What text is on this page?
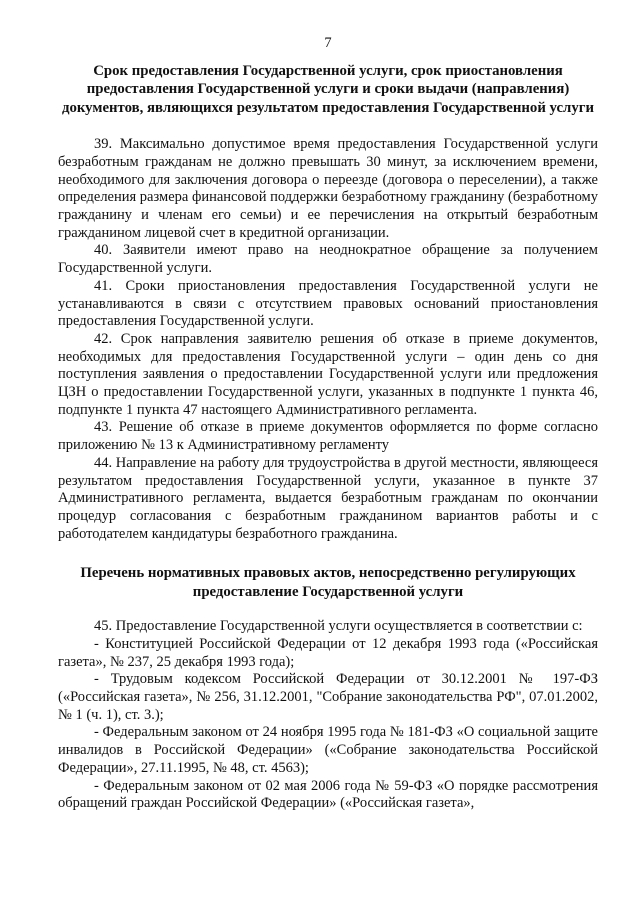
7
Срок предоставления Государственной услуги, срок приостановления предоставления Государственной услуги и сроки выдачи (направления) документов, являющихся результатом предоставления Государственной услуги

39. Максимально допустимое время предоставления Государственной услуги безработным гражданам не должно превышать 30 минут, за исключением времени, необходимого для заключения договора о переезде (договора о переселении), а также определения размера финансовой поддержки безработному гражданину (безработному гражданину и членам его семьи) и ее перечисления на открытый безработным гражданином лицевой счет в кредитной организации.

40. Заявители имеют право на неоднократное обращение за получением Государственной услуги.

41. Сроки приостановления предоставления Государственной услуги не устанавливаются в связи с отсутствием правовых оснований приостановления предоставления Государственной услуги.

42. Срок направления заявителю решения об отказе в приеме документов, необходимых для предоставления Государственной услуги – один день со дня поступления заявления о предоставлении Государственной услуги или предложения ЦЗН о предоставлении Государственной услуги, указанных в подпункте 1 пункта 46, подпункте 1 пункта 47 настоящего Административного регламента.

43. Решение об отказе в приеме документов оформляется по форме согласно приложению № 13 к Административному регламенту

44. Направление на работу для трудоустройства в другой местности, являющееся результатом предоставления Государственной услуги, указанное в пункте 37 Административного регламента, выдается безработным гражданам по окончании процедур согласования с безработным гражданином вариантов работы и с работодателем кандидатуры безработного гражданина.

Перечень нормативных правовых актов, непосредственно регулирующих предоставление Государственной услуги

45. Предоставление Государственной услуги осуществляется в соответствии с:

- Конституцией Российской Федерации от 12 декабря 1993 года («Российская газета», № 237, 25 декабря 1993 года);

- Трудовым кодексом Российской Федерации от 30.12.2001 № 197-ФЗ («Российская газета», № 256, 31.12.2001, "Собрание законодательства РФ", 07.01.2002, № 1 (ч. 1), ст. 3.);

- Федеральным законом от 24 ноября 1995 года № 181-ФЗ «О социальной защите инвалидов в Российской Федерации» («Собрание законодательства Российской Федерации», 27.11.1995, № 48, ст. 4563);

- Федеральным законом от 02 мая 2006 года № 59-ФЗ «О порядке рассмотрения обращений граждан Российской Федерации» («Российская газета»,
